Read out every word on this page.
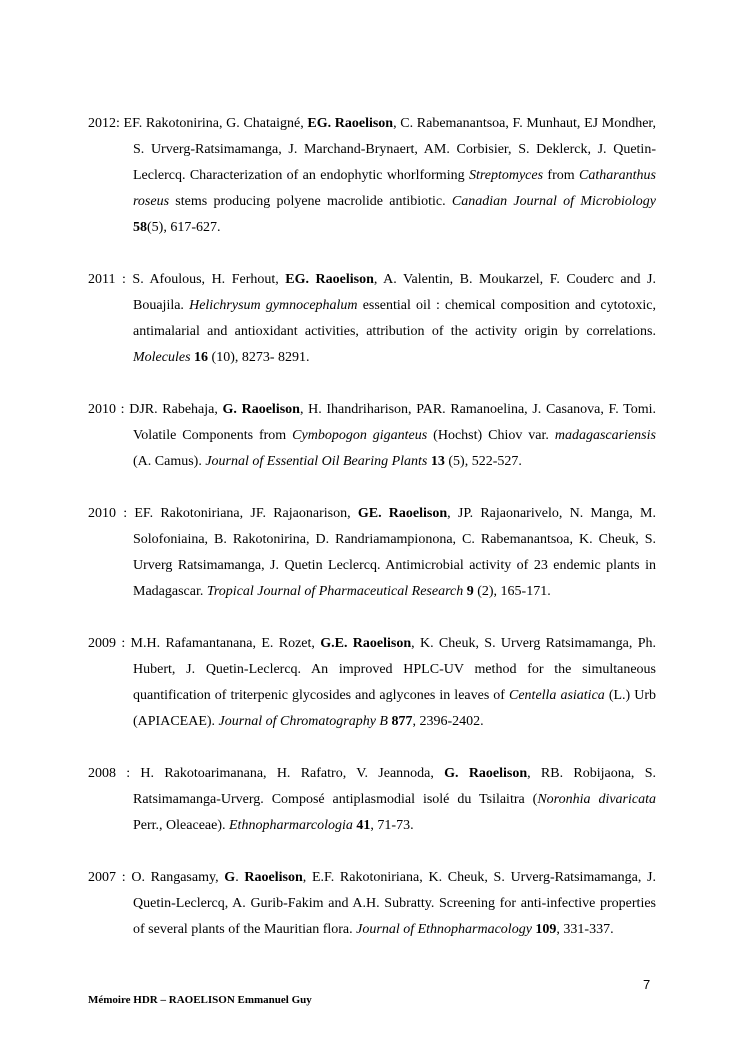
2012: EF. Rakotonirina, G. Chataigné, EG. Raoelison, C. Rabemanantsoa, F. Munhaut, EJ Mondher, S. Urverg-Ratsimamanga, J. Marchand-Brynaert, AM. Corbisier, S. Deklerck, J. Quetin-Leclercq. Characterization of an endophytic whorlforming Streptomyces from Catharanthus roseus stems producing polyene macrolide antibiotic. Canadian Journal of Microbiology 58(5), 617-627.

2011 : S. Afoulous, H. Ferhout, EG. Raoelison, A. Valentin, B. Moukarzel, F. Couderc and J. Bouajila. Helichrysum gymnocephalum essential oil : chemical composition and cytotoxic, antimalarial and antioxidant activities, attribution of the activity origin by correlations. Molecules 16 (10), 8273- 8291.

2010 : DJR. Rabehaja, G. Raoelison, H. Ihandriharison, PAR. Ramanoelina, J. Casanova, F. Tomi. Volatile Components from Cymbopogon giganteus (Hochst) Chiov var. madagascariensis (A. Camus). Journal of Essential Oil Bearing Plants 13 (5), 522-527.

2010 : EF. Rakotoniriana, JF. Rajaonarison, GE. Raoelison, JP. Rajaonarivelo, N. Manga, M. Solofoniaina, B. Rakotonirina, D. Randriamampionona, C. Rabemanantsoa, K. Cheuk, S. Urverg Ratsimamanga, J. Quetin Leclercq. Antimicrobial activity of 23 endemic plants in Madagascar. Tropical Journal of Pharmaceutical Research 9 (2), 165-171.

2009 : M.H. Rafamantanana, E. Rozet, G.E. Raoelison, K. Cheuk, S. Urverg Ratsimamanga, Ph. Hubert, J. Quetin-Leclercq. An improved HPLC-UV method for the simultaneous quantification of triterpenic glycosides and aglycones in leaves of Centella asiatica (L.) Urb (APIACEAE). Journal of Chromatography B 877, 2396-2402.

2008 : H. Rakotoarimanana, H. Rafatro, V. Jeannoda, G. Raoelison, RB. Robijaona, S. Ratsimamanga-Urverg. Composé antiplasmodial isolé du Tsilaitra (Noronhia divaricata Perr., Oleaceae). Ethnopharmarcologia 41, 71-73.

2007 : O. Rangasamy, G. Raoelison, E.F. Rakotoniriana, K. Cheuk, S. Urverg-Ratsimamanga, J. Quetin-Leclercq, A. Gurib-Fakim and A.H. Subratty. Screening for anti-infective properties of several plants of the Mauritian flora. Journal of Ethnopharmacology 109, 331-337.

7
Mémoire HDR – RAOELISON Emmanuel Guy
